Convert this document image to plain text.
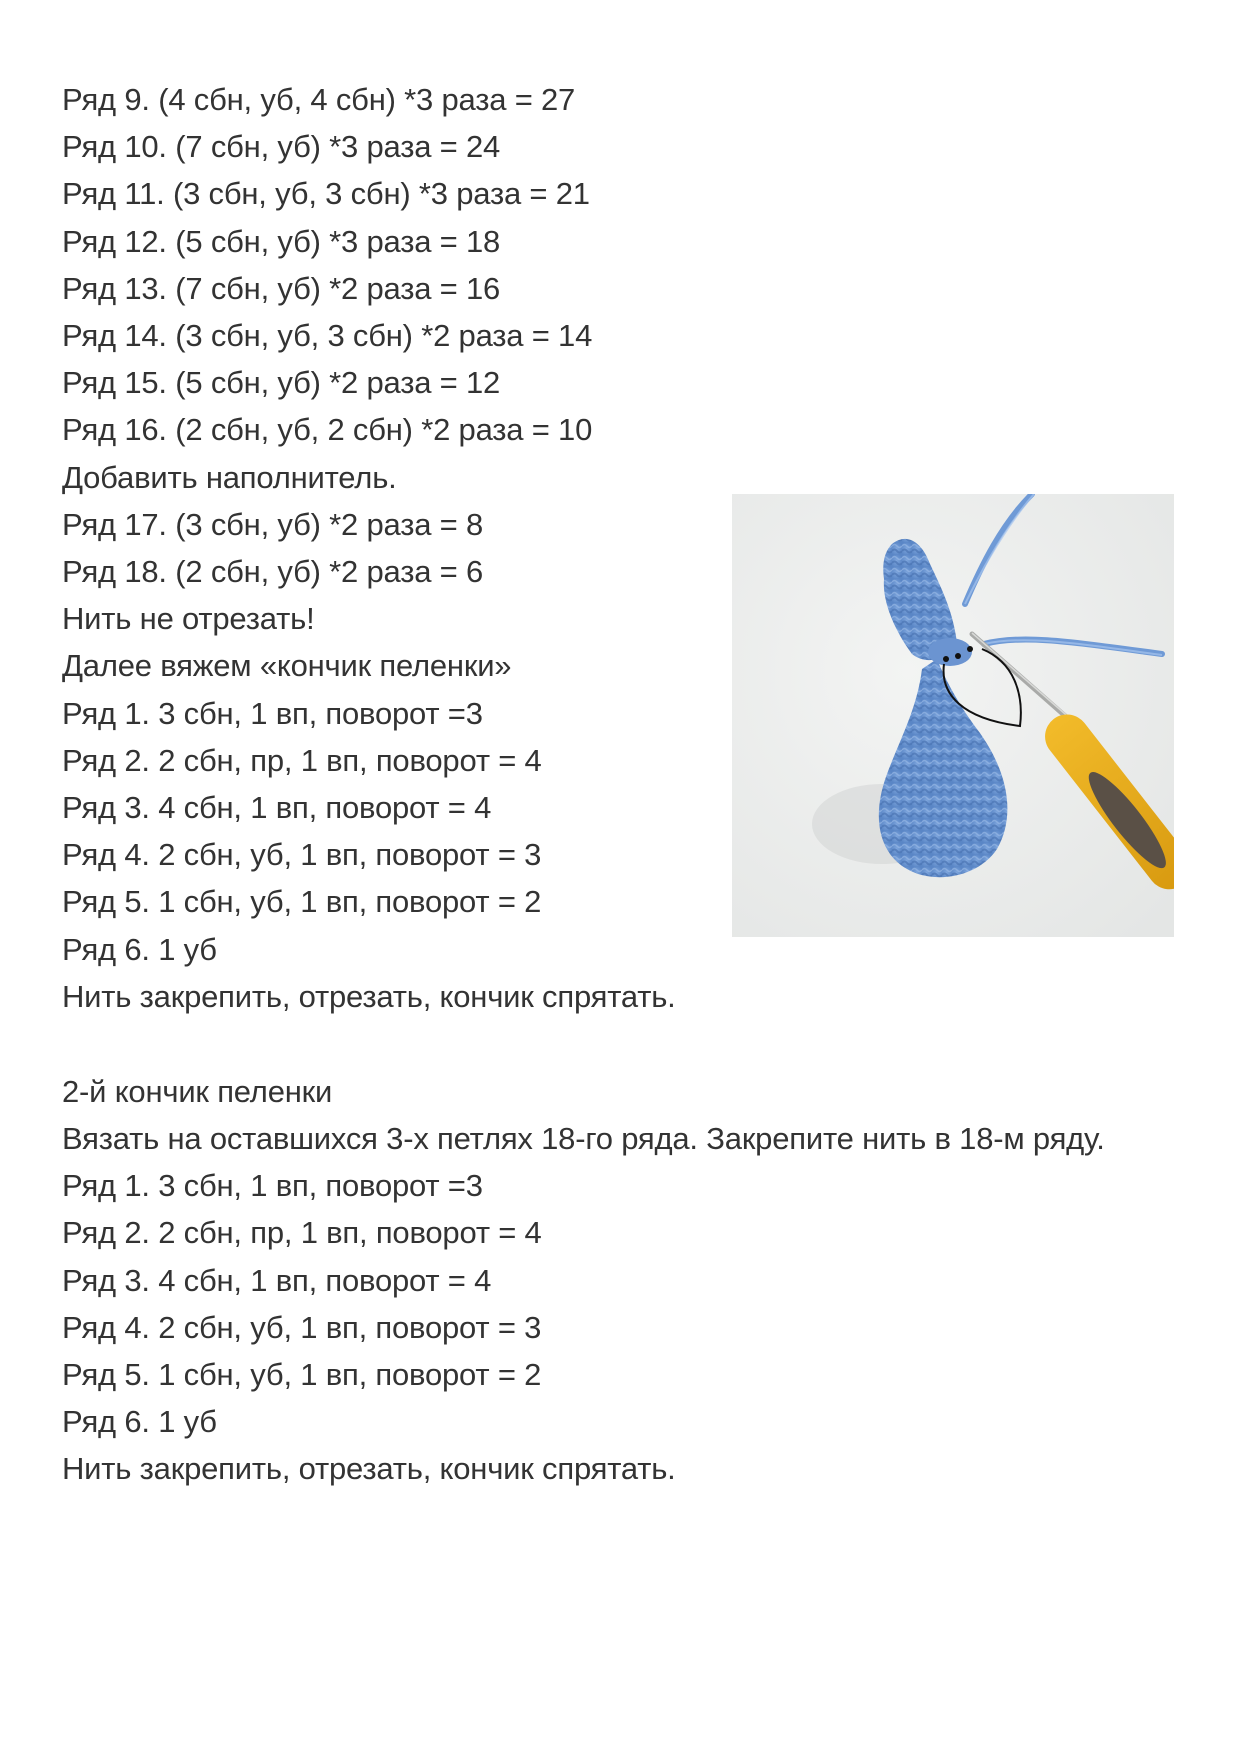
Ряд 9. (4 сбн, уб, 4 сбн) *3 раза = 27
Ряд 10. (7 сбн, уб) *3 раза = 24
Ряд 11. (3 сбн, уб, 3 сбн) *3 раза = 21
Ряд 12. (5 сбн, уб) *3 раза = 18
Ряд 13. (7 сбн, уб) *2 раза = 16
Ряд 14. (3 сбн, уб, 3 сбн) *2 раза = 14
Ряд 15. (5 сбн, уб) *2 раза = 12
Ряд 16. (2 сбн, уб, 2 сбн) *2 раза = 10
Добавить наполнитель.
Ряд 17. (3 сбн, уб) *2 раза = 8
Ряд 18. (2 сбн, уб) *2 раза = 6
Нить не отрезать!
Далее вяжем «кончик пеленки»
Ряд 1. 3 сбн, 1 вп, поворот =3
Ряд 2. 2 сбн, пр, 1 вп, поворот = 4
Ряд 3. 4 сбн, 1 вп, поворот = 4
Ряд 4. 2 сбн, уб, 1 вп, поворот = 3
Ряд 5. 1 сбн, уб, 1 вп, поворот = 2
Ряд 6. 1 уб
Нить закрепить, отрезать, кончик спрятать.
2-й кончик пеленки
Вязать на оставшихся 3-х петлях 18-го ряда. Закрепите нить в 18-м ряду.
Ряд 1. 3 сбн, 1 вп, поворот =3
Ряд 2. 2 сбн, пр, 1 вп, поворот = 4
Ряд 3. 4 сбн, 1 вп, поворот = 4
Ряд 4. 2 сбн, уб, 1 вп, поворот = 3
Ряд 5. 1 сбн, уб, 1 вп, поворот = 2
Ряд 6. 1 уб
Нить закрепить, отрезать, кончик спрятать.
